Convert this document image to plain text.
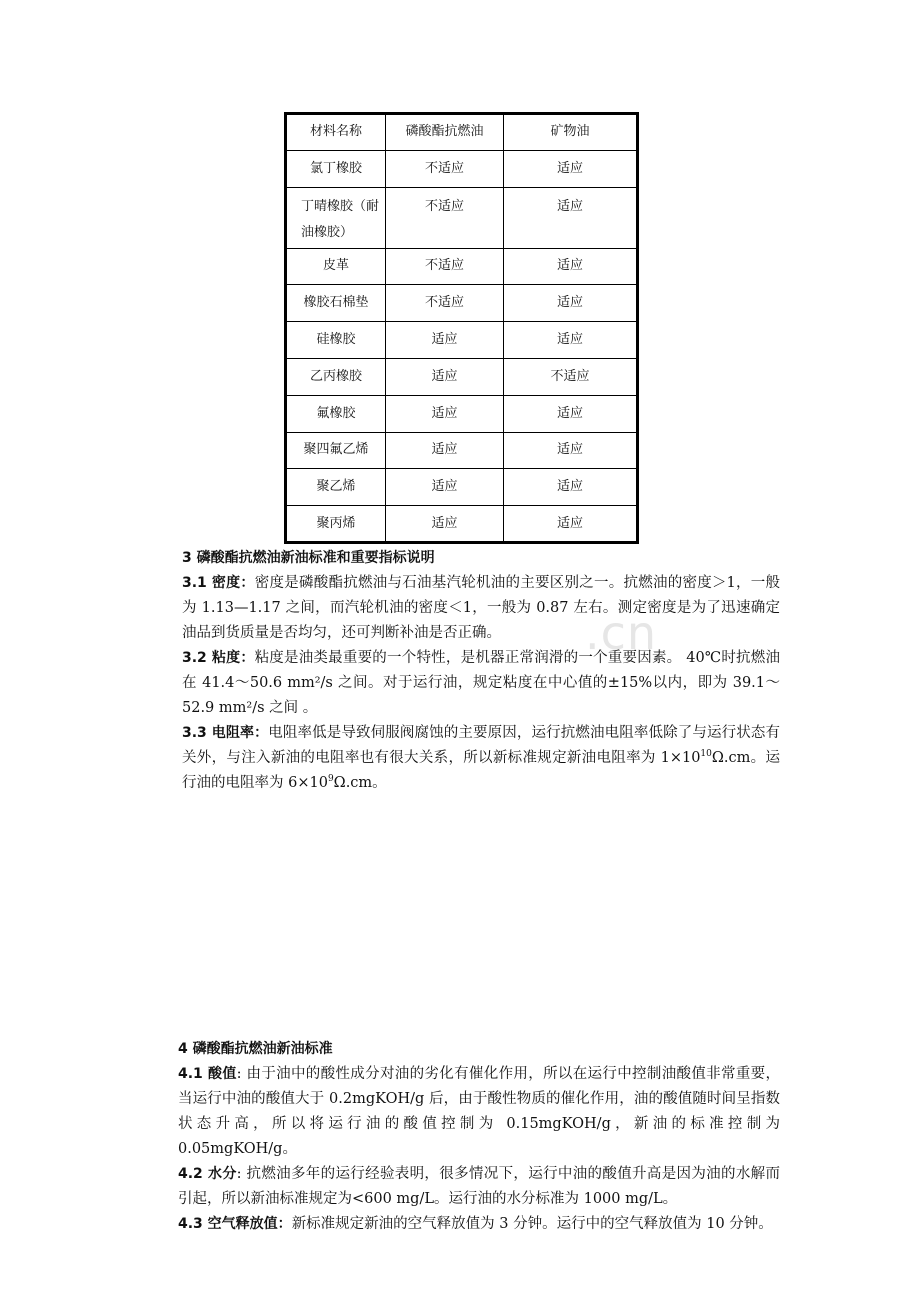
.cn
材料名称	磷酸酯抗燃油	矿物油
氯丁橡胶	不适应	适应
丁晴橡胶（耐油橡胶）	不适应	适应
皮革	不适应	适应
橡胶石棉垫	不适应	适应
硅橡胶	适应	适应
乙丙橡胶	适应	不适应
氟橡胶	适应	适应
聚四氟乙烯	适应	适应
聚乙烯	适应	适应
聚丙烯	适应	适应

3 磷酸酯抗燃油新油标准和重要指标说明

3.1 密度：密度是磷酸酯抗燃油与石油基汽轮机油的主要区别之一。抗燃油的密度＞1，一般为 1.13—1.17 之间，而汽轮机油的密度＜1，一般为 0.87 左右。测定密度是为了迅速确定油品到货质量是否均匀，还可判断补油是否正确。

3.2 粘度：粘度是油类最重要的一个特性，是机器正常润滑的一个重要因素。 40℃时抗燃油在 41.4～50.6 mm²/s 之间。对于运行油，规定粘度在中心值的±15%以内，即为 39.1～52.9 mm²/s 之间 。

3.3 电阻率：电阻率低是导致伺服阀腐蚀的主要原因，运行抗燃油电阻率低除了与运行状态有关外，与注入新油的电阻率也有很大关系，所以新标准规定新油电阻率为 $1\times 10^{10}\Omega.cm$。运行油的电阻率为 $6\times 10^9\Omega.cm$。

4 磷酸酯抗燃油新油标准

4.1 酸值: 由于油中的酸性成分对油的劣化有催化作用，所以在运行中控制油酸值非常重要，当运行中油的酸值大于 0.2mgKOH/g 后，由于酸性物质的催化作用，油的酸值随时间呈指数状态升高，所以将运行油的酸值控制为 0.15mgKOH/g，新油的标准控制为 0.05mgKOH/g。

4.2 水分: 抗燃油多年的运行经验表明，很多情况下，运行中油的酸值升高是因为油的水解而引起，所以新油标准规定为<600 mg/L。运行油的水分标准为 1000 mg/L。

4.3 空气释放值：新标准规定新油的空气释放值为 3 分钟。运行中的空气释放值为 10 分钟。
